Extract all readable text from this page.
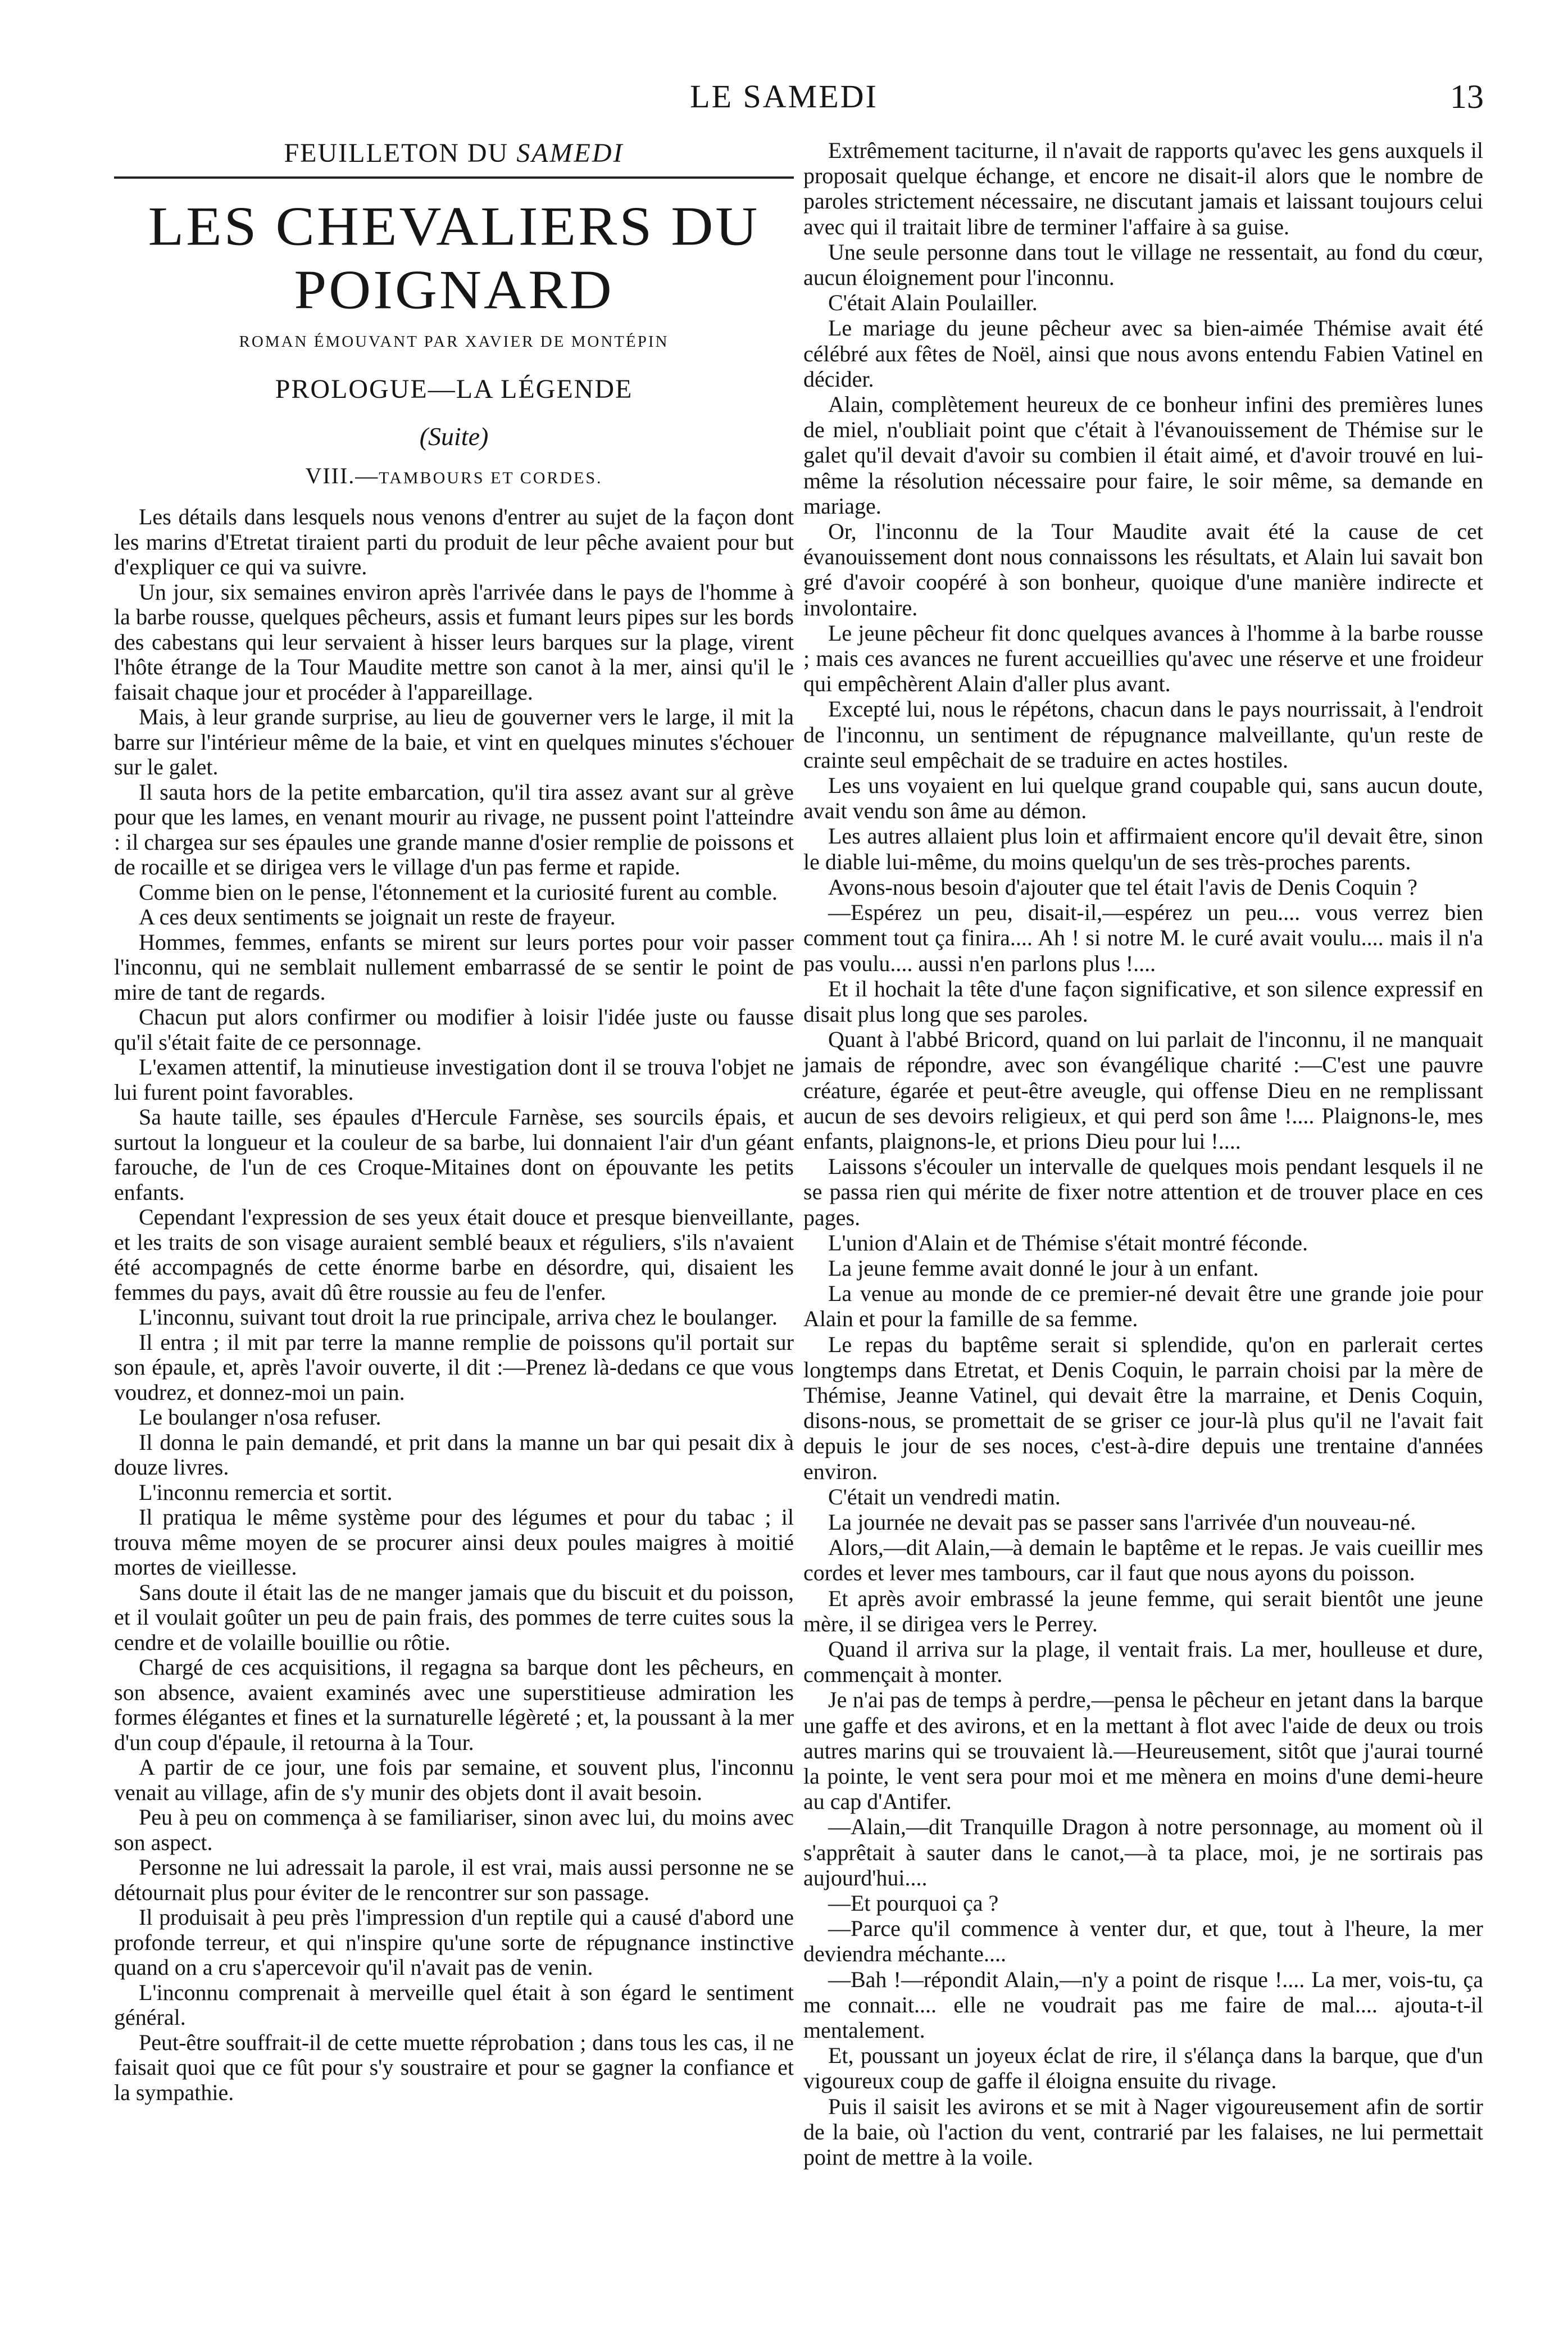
LE SAMEDI	13
FEUILLETON DU SAMEDI
LES CHEVALIERS DU POIGNARD
ROMAN ÉMOUVANT PAR XAVIER DE MONTÉPIN
PROLOGUE—LA LÉGENDE
(Suite)
VIII.—TAMBOURS ET CORDES.

Les détails dans lesquels nous venons d'entrer au sujet de la façon dont les marins d'Etretat tiraient parti du produit de leur pêche avaient pour but d'expliquer ce qui va suivre.

Un jour, six semaines environ après l'arrivée dans le pays de l'homme à la barbe rousse, quelques pêcheurs, assis et fumant leurs pipes sur les bords des cabestans qui leur servaient à hisser leurs barques sur la plage, virent l'hôte étrange de la Tour Maudite mettre son canot à la mer, ainsi qu'il le faisait chaque jour et procéder à l'appareillage.

Mais, à leur grande surprise, au lieu de gouverner vers le large, il mit la barre sur l'intérieur même de la baie, et vint en quelques minutes s'échouer sur le galet.

Il sauta hors de la petite embarcation, qu'il tira assez avant sur al grève pour que les lames, en venant mourir au rivage, ne pussent point l'atteindre : il chargea sur ses épaules une grande manne d'osier remplie de poissons et de rocaille et se dirigea vers le village d'un pas ferme et rapide.

Comme bien on le pense, l'étonnement et la curiosité furent au comble.

A ces deux sentiments se joignait un reste de frayeur.

Hommes, femmes, enfants se mirent sur leurs portes pour voir passer l'inconnu, qui ne semblait nullement embarrassé de se sentir le point de mire de tant de regards.

Chacun put alors confirmer ou modifier à loisir l'idée juste ou fausse qu'il s'était faite de ce personnage.

L'examen attentif, la minutieuse investigation dont il se trouva l'objet ne lui furent point favorables.

Sa haute taille, ses épaules d'Hercule Farnèse, ses sourcils épais, et surtout la longueur et la couleur de sa barbe, lui donnaient l'air d'un géant farouche, de l'un de ces Croque-Mitaines dont on épouvante les petits enfants.

Cependant l'expression de ses yeux était douce et presque bienveillante, et les traits de son visage auraient semblé beaux et réguliers, s'ils n'avaient été accompagnés de cette énorme barbe en désordre, qui, disaient les femmes du pays, avait dû être roussie au feu de l'enfer.

L'inconnu, suivant tout droit la rue principale, arriva chez le boulanger.

Il entra ; il mit par terre la manne remplie de poissons qu'il portait sur son épaule, et, après l'avoir ouverte, il dit :—Prenez là-dedans ce que vous voudrez, et donnez-moi un pain.

Le boulanger n'osa refuser.

Il donna le pain demandé, et prit dans la manne un bar qui pesait dix à douze livres.

L'inconnu remercia et sortit.

Il pratiqua le même système pour des légumes et pour du tabac ; il trouva même moyen de se procurer ainsi deux poules maigres à moitié mortes de vieillesse.

Sans doute il était las de ne manger jamais que du biscuit et du poisson, et il voulait goûter un peu de pain frais, des pommes de terre cuites sous la cendre et de volaille bouillie ou rôtie.

Chargé de ces acquisitions, il regagna sa barque dont les pêcheurs, en son absence, avaient examinés avec une superstitieuse admiration les formes élégantes et fines et la surnaturelle légèreté ; et, la poussant à la mer d'un coup d'épaule, il retourna à la Tour.

A partir de ce jour, une fois par semaine, et souvent plus, l'inconnu venait au village, afin de s'y munir des objets dont il avait besoin.

Peu à peu on commença à se familiariser, sinon avec lui, du moins avec son aspect.

Personne ne lui adressait la parole, il est vrai, mais aussi personne ne se détournait plus pour éviter de le rencontrer sur son passage.

Il produisait à peu près l'impression d'un reptile qui a causé d'abord une profonde terreur, et qui n'inspire qu'une sorte de répugnance instinctive quand on a cru s'apercevoir qu'il n'avait pas de venin.

L'inconnu comprenait à merveille quel était à son égard le sentiment général.

Peut-être souffrait-il de cette muette réprobation ; dans tous les cas, il ne faisait quoi que ce fût pour s'y soustraire et pour se gagner la confiance et la sympathie.

Extrêmement taciturne, il n'avait de rapports qu'avec les gens auxquels il proposait quelque échange, et encore ne disait-il alors que le nombre de paroles strictement nécessaire, ne discutant jamais et laissant toujours celui avec qui il traitait libre de terminer l'affaire à sa guise.

Une seule personne dans tout le village ne ressentait, au fond du cœur, aucun éloignement pour l'inconnu.

C'était Alain Poulailler.

Le mariage du jeune pêcheur avec sa bien-aimée Thémise avait été célébré aux fêtes de Noël, ainsi que nous avons entendu Fabien Vatinel en décider.

Alain, complètement heureux de ce bonheur infini des premières lunes de miel, n'oubliait point que c'était à l'évanouissement de Thémise sur le galet qu'il devait d'avoir su combien il était aimé, et d'avoir trouvé en lui-même la résolution nécessaire pour faire, le soir même, sa demande en mariage.

Or, l'inconnu de la Tour Maudite avait été la cause de cet évanouissement dont nous connaissons les résultats, et Alain lui savait bon gré d'avoir coopéré à son bonheur, quoique d'une manière indirecte et involontaire.

Le jeune pêcheur fit donc quelques avances à l'homme à la barbe rousse ; mais ces avances ne furent accueillies qu'avec une réserve et une froideur qui empêchèrent Alain d'aller plus avant.

Excepté lui, nous le répétons, chacun dans le pays nourrissait, à l'endroit de l'inconnu, un sentiment de répugnance malveillante, qu'un reste de crainte seul empêchait de se traduire en actes hostiles.

Les uns voyaient en lui quelque grand coupable qui, sans aucun doute, avait vendu son âme au démon.

Les autres allaient plus loin et affirmaient encore qu'il devait être, sinon le diable lui-même, du moins quelqu'un de ses très-proches parents.

Avons-nous besoin d'ajouter que tel était l'avis de Denis Coquin ?

—Espérez un peu, disait-il,—espérez un peu.... vous verrez bien comment tout ça finira.... Ah ! si notre M. le curé avait voulu.... mais il n'a pas voulu.... aussi n'en parlons plus !....

Et il hochait la tête d'une façon significative, et son silence expressif en disait plus long que ses paroles.

Quant à l'abbé Bricord, quand on lui parlait de l'inconnu, il ne manquait jamais de répondre, avec son évangélique charité :—C'est une pauvre créature, égarée et peut-être aveugle, qui offense Dieu en ne remplissant aucun de ses devoirs religieux, et qui perd son âme !.... Plaignons-le, mes enfants, plaignons-le, et prions Dieu pour lui !....

Laissons s'écouler un intervalle de quelques mois pendant lesquels il ne se passa rien qui mérite de fixer notre attention et de trouver place en ces pages.

L'union d'Alain et de Thémise s'était montré féconde.

La jeune femme avait donné le jour à un enfant.

La venue au monde de ce premier-né devait être une grande joie pour Alain et pour la famille de sa femme.

Le repas du baptême serait si splendide, qu'on en parlerait certes longtemps dans Etretat, et Denis Coquin, le parrain choisi par la mère de Thémise, Jeanne Vatinel, qui devait être la marraine, et Denis Coquin, disons-nous, se promettait de se griser ce jour-là plus qu'il ne l'avait fait depuis le jour de ses noces, c'est-à-dire depuis une trentaine d'années environ.

C'était un vendredi matin.

La journée ne devait pas se passer sans l'arrivée d'un nouveau-né.

Alors,—dit Alain,—à demain le baptême et le repas. Je vais cueillir mes cordes et lever mes tambours, car il faut que nous ayons du poisson.

Et après avoir embrassé la jeune femme, qui serait bientôt une jeune mère, il se dirigea vers le Perrey.

Quand il arriva sur la plage, il ventait frais. La mer, houlleuse et dure, commençait à monter.

Je n'ai pas de temps à perdre,—pensa le pêcheur en jetant dans la barque une gaffe et des avirons, et en la mettant à flot avec l'aide de deux ou trois autres marins qui se trouvaient là.—Heureusement, sitôt que j'aurai tourné la pointe, le vent sera pour moi et me mènera en moins d'une demi-heure au cap d'Antifer.

—Alain,—dit Tranquille Dragon à notre personnage, au moment où il s'apprêtait à sauter dans le canot,—à ta place, moi, je ne sortirais pas aujourd'hui....

—Et pourquoi ça ?

—Parce qu'il commence à venter dur, et que, tout à l'heure, la mer deviendra méchante....

—Bah !—répondit Alain,—n'y a point de risque !.... La mer, vois-tu, ça me connait.... elle ne voudrait pas me faire de mal.... ajouta-t-il mentalement.

Et, poussant un joyeux éclat de rire, il s'élança dans la barque, que d'un vigoureux coup de gaffe il éloigna ensuite du rivage.

Puis il saisit les avirons et se mit à Nager vigoureusement afin de sortir de la baie, où l'action du vent, contrarié par les falaises, ne lui permettait point de mettre à la voile.
